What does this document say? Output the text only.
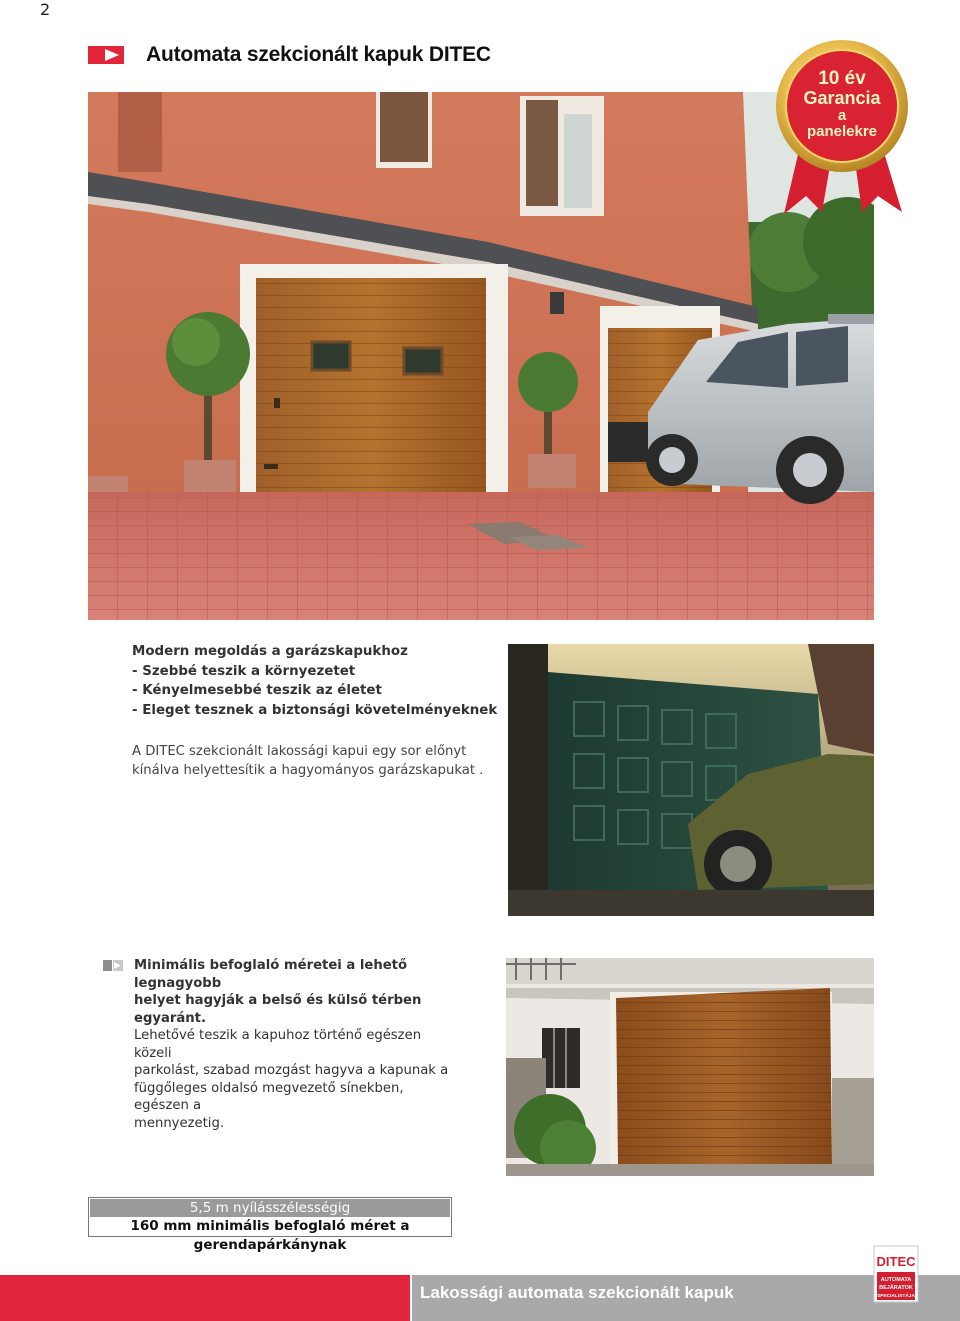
2
Automata szekcionált kapuk DITEC
10 év
Garancia
a
panelekre
Modern megoldás a garázskapukhoz
- Szebbé teszik a környezetet
- Kényelmesebbé teszik az életet
- Eleget tesznek a biztonsági követelményeknek
A DITEC szekcionált lakossági kapui egy sor előnyt
kínálva helyettesítik a hagyományos garázskapukat .
Minimális befoglaló méretei a lehető legnagyobb
helyet hagyják a belső és külső térben egyaránt.
Lehetővé teszik a kapuhoz történő egészen közeli
parkolást, szabad mozgást hagyva a kapunak a
függőleges oldalsó megvezető sínekben, egészen a
mennyezetig.
5,5 m nyílásszélességig
160 mm minimális befoglaló méret a gerendapárkánynak
Lakossági automata szekcionált kapuk
DITEC
AUTOMATA
BEJÁRATOK
SPECIALISTÁJA
